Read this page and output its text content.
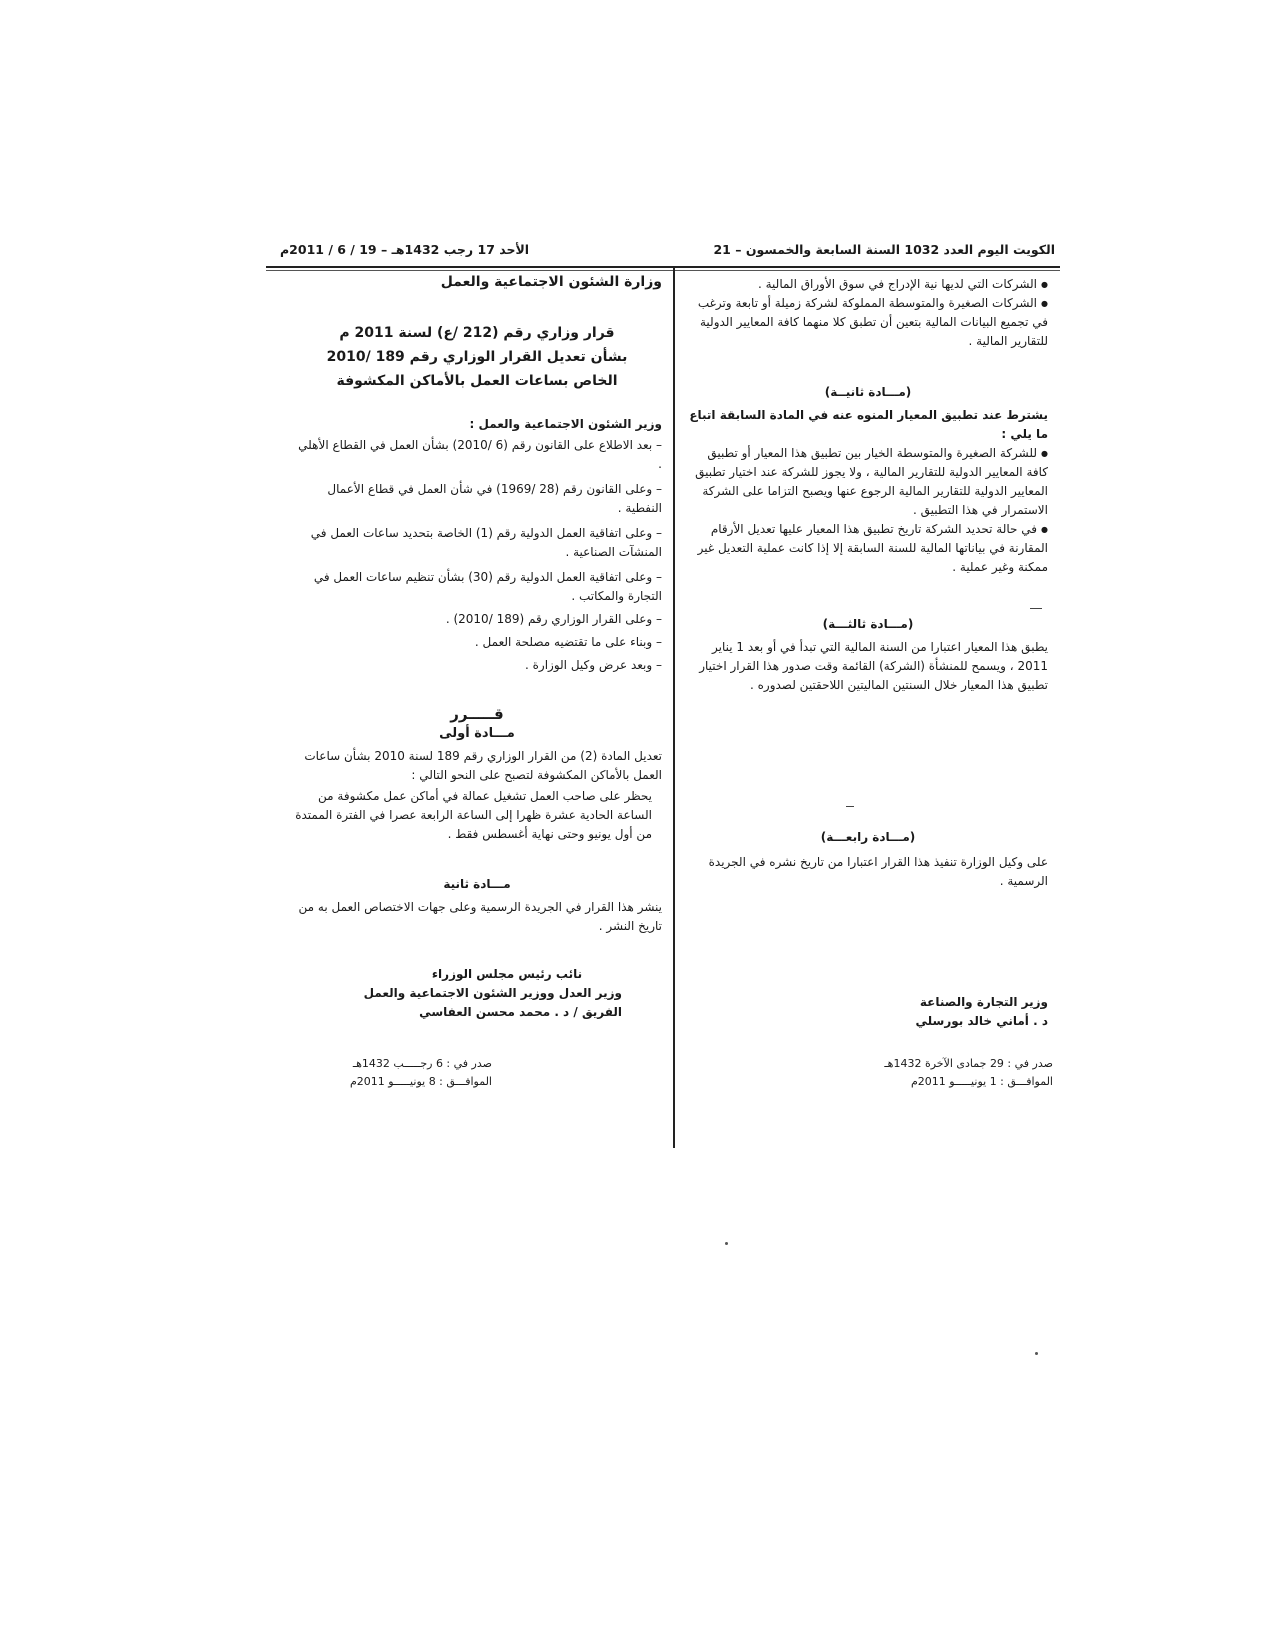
الكويت اليوم العدد 1032 السنة السابعة والخمسون – 21
الأحد 17 رجب 1432هـ – 19 / 6 / 2011م

● الشركات التي لديها نية الإدراج في سوق الأوراق المالية .

● الشركات الصغيرة والمتوسطة المملوكة لشركة زميلة أو تابعة وترغب في تجميع البيانات المالية بتعين أن تطبق كلا منهما كافة المعايير الدولية للتقارير المالية .

(مـــادة ثانيــة)

يشترط عند تطبيق المعيار المنوه عنه في المادة السابقة اتباع ما يلي :

● للشركة الصغيرة والمتوسطة الخيار بين تطبيق هذا المعيار أو تطبيق كافة المعايير الدولية للتقارير المالية ، ولا يجوز للشركة عند اختيار تطبيق المعايير الدولية للتقارير المالية الرجوع عنها ويصبح التزاما على الشركة الاستمرار في هذا التطبيق .

● في حالة تحديد الشركة تاريخ تطبيق هذا المعيار عليها تعديل الأرقام المقارنة في بياناتها المالية للسنة السابقة إلا إذا كانت عملية التعديل غير ممكنة وغير عملية .

(مـــادة ثالثـــة)

يطبق هذا المعيار اعتبارا من السنة المالية التي تبدأ في أو بعد 1 يناير 2011 ، ويسمح للمنشأة (الشركة) القائمة وقت صدور هذا القرار اختيار تطبيق هذا المعيار خلال السنتين الماليتين اللاحقتين لصدوره .

(مـــادة رابعـــة)

على وكيل الوزارة تنفيذ هذا القرار اعتبارا من تاريخ نشره في الجريدة الرسمية .

وزير التجارة والصناعة

د . أماني خالد بورسلي

صدر في : 29 جمادى الآخرة 1432هـ

الموافـــق : 1 يونيـــــو 2011م

وزارة الشئون الاجتماعية والعمل

قرار وزاري رقم (212 /ع) لسنة 2011 م

بشأن تعديل القرار الوزاري رقم 189 /2010

الخاص بساعات العمل بالأماكن المكشوفة

وزير الشئون الاجتماعية والعمل :

– بعد الاطلاع على القانون رقم (6 /2010) بشأن العمل في القطاع الأهلي .

– وعلى القانون رقم (28 /1969) في شأن العمل في قطاع الأعمال النفطية .

– وعلى اتفاقية العمل الدولية رقم (1) الخاصة بتحديد ساعات العمل في المنشآت الصناعية .

– وعلى اتفاقية العمل الدولية رقم (30) بشأن تنظيم ساعات العمل في التجارة والمكاتب .

– وعلى القرار الوزاري رقم (189 /2010) .

– وبناء على ما تقتضيه مصلحة العمل .

– وبعد عرض وكيل الوزارة .

قـــــرر

مـــادة أولى

تعديل المادة (2) من القرار الوزاري رقم 189 لسنة 2010 بشأن ساعات العمل بالأماكن المكشوفة لتصبح على النحو التالي :

يحظر على صاحب العمل تشغيل عمالة في أماكن عمل مكشوفة من الساعة الحادية عشرة ظهرا إلى الساعة الرابعة عصرا في الفترة الممتدة من أول يونيو وحتى نهاية أغسطس فقط .

مـــادة ثانية

ينشر هذا القرار في الجريدة الرسمية وعلى جهات الاختصاص العمل به من تاريخ النشر .

نائب رئيس مجلس الوزراء

وزير العدل ووزير الشئون الاجتماعية والعمل

الفريق / د . محمد محسن العفاسي

صدر في : 6 رجـــــب 1432هـ

الموافـــق : 8 يونيـــــو 2011م
